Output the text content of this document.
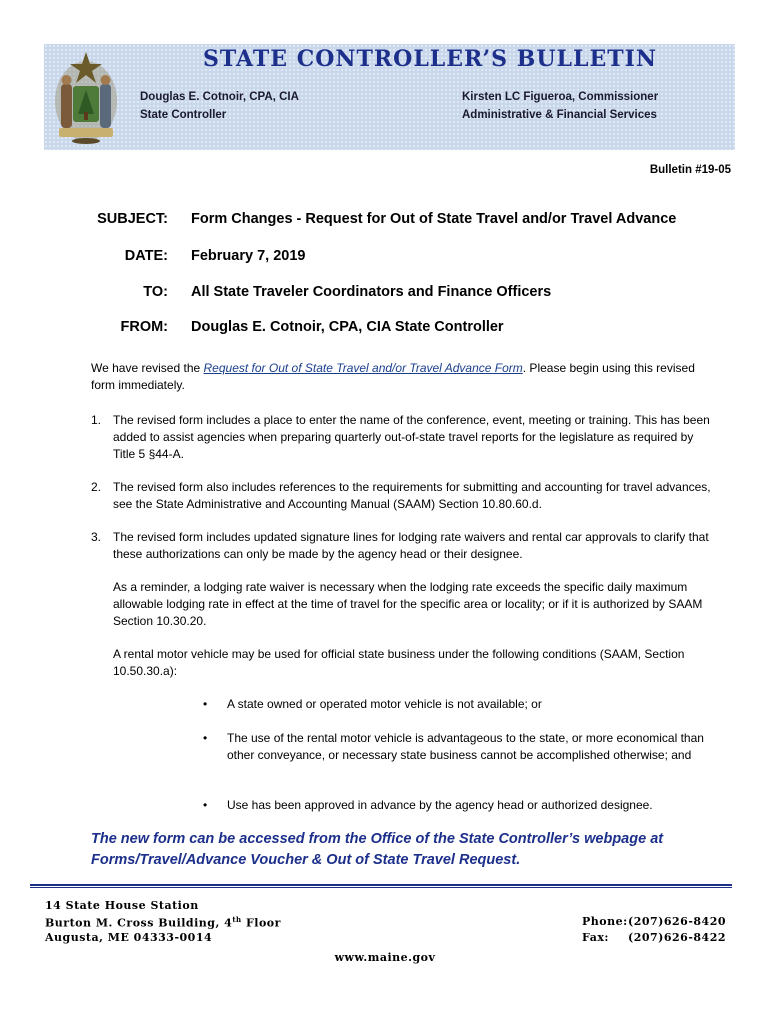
STATE CONTROLLER’S BULLETIN
Douglas E. Cotnoir, CPA, CIA
State Controller
Kirsten LC Figueroa, Commissioner
Administrative & Financial Services
Bulletin #19-05
SUBJECT: Form Changes - Request for Out of State Travel and/or Travel Advance
DATE: February 7, 2019
TO: All State Traveler Coordinators and Finance Officers
FROM: Douglas E. Cotnoir, CPA, CIA State Controller
We have revised the Request for Out of State Travel and/or Travel Advance Form. Please begin using this revised form immediately.
1. The revised form includes a place to enter the name of the conference, event, meeting or training. This has been added to assist agencies when preparing quarterly out-of-state travel reports for the legislature as required by Title 5 §44-A.
2. The revised form also includes references to the requirements for submitting and accounting for travel advances, see the State Administrative and Accounting Manual (SAAM) Section 10.80.60.d.
3. The revised form includes updated signature lines for lodging rate waivers and rental car approvals to clarify that these authorizations can only be made by the agency head or their designee.
As a reminder, a lodging rate waiver is necessary when the lodging rate exceeds the specific daily maximum allowable lodging rate in effect at the time of travel for the specific area or locality; or if it is authorized by SAAM Section 10.30.20.
A rental motor vehicle may be used for official state business under the following conditions (SAAM, Section 10.50.30.a):
• A state owned or operated motor vehicle is not available; or
• The use of the rental motor vehicle is advantageous to the state, or more economical than other conveyance, or necessary state business cannot be accomplished otherwise; and
• Use has been approved in advance by the agency head or authorized designee.
The new form can be accessed from the Office of the State Controller’s webpage at Forms/Travel/Advance Voucher & Out of State Travel Request.
14 State House Station
Burton M. Cross Building, 4th Floor
Augusta, ME 04333-0014
Phone: (207)626-8420
Fax: (207)626-8422
www.maine.gov
